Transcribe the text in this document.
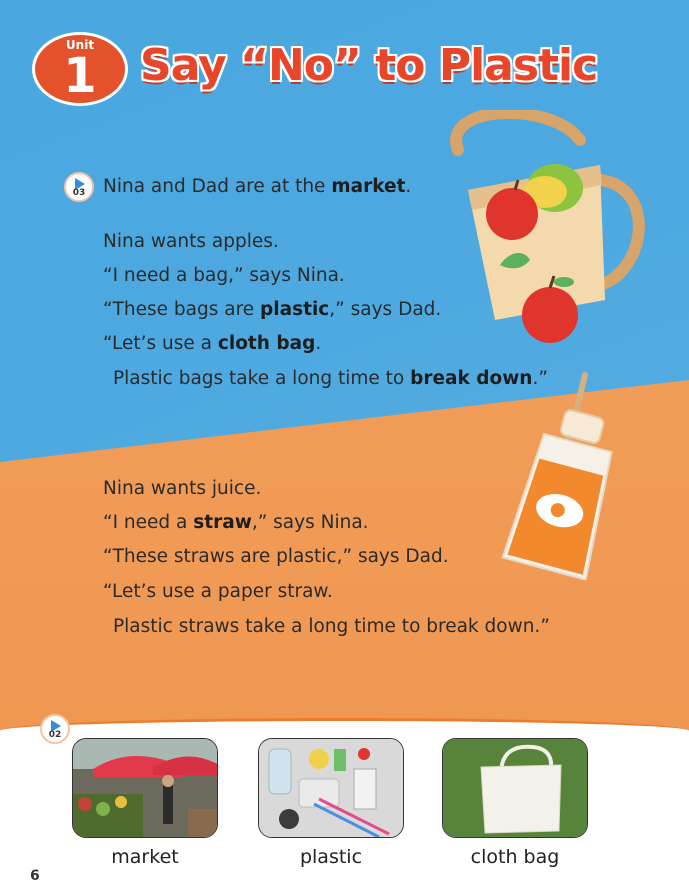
Unit
1 Say “No” to Plastic
03 Nina and Dad are at the market.
Nina wants apples.
“I need a bag,” says Nina.
“These bags are plastic,” says Dad.
“Let’s use a cloth bag.
Plastic bags take a long time to break down.”
Nina wants juice.
“I need a straw,” says Nina.
“These straws are plastic,” says Dad.
“Let’s use a paper straw.
Plastic straws take a long time to break down.”
02
market	plastic	cloth bag
6
